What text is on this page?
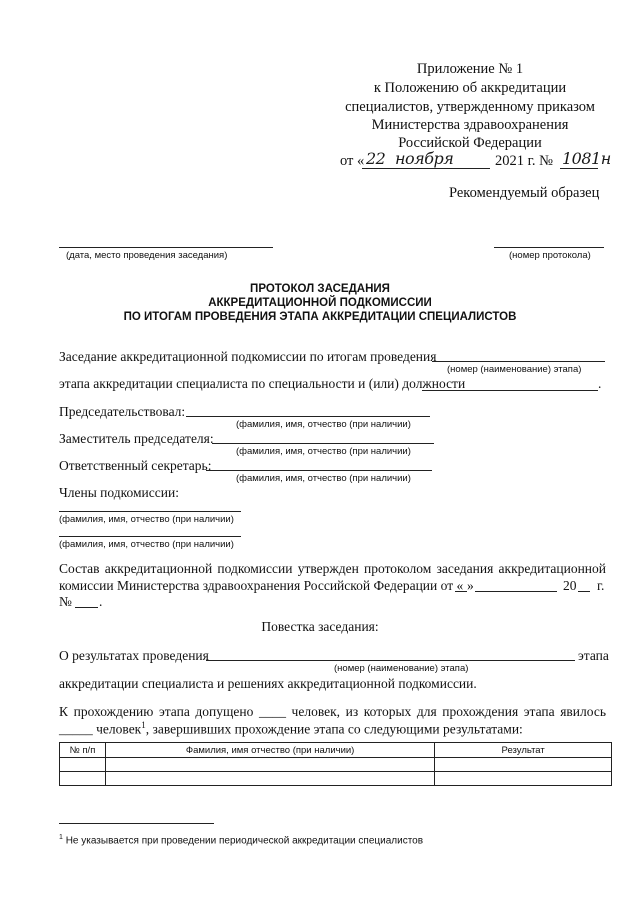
Приложение № 1
к Положению об аккредитации
специалистов, утвержденному приказом
Министерства здравоохранения
Российской Федерации
от « 22 ноября	2021 г. № 1081н
Рекомендуемый образец
(дата, место проведения заседания)	(номер протокола)
ПРОТОКОЛ ЗАСЕДАНИЯ
АККРЕДИТАЦИОННОЙ ПОДКОМИССИИ
ПО ИТОГАМ ПРОВЕДЕНИЯ ЭТАПА АККРЕДИТАЦИИ СПЕЦИАЛИСТОВ
Заседание аккредитационной подкомиссии по итогам проведения
(номер (наименование) этапа)
этапа аккредитации специалиста по специальности и (или) должности	.
Председательствовал:
(фамилия, имя, отчество (при наличии)
Заместитель председателя:
(фамилия, имя, отчество (при наличии)
Ответственный секретарь:
(фамилия, имя, отчество (при наличии)
Члены подкомиссии:
(фамилия, имя, отчество (при наличии)
(фамилия, имя, отчество (при наличии)
Состав аккредитационной подкомиссии утвержден протоколом заседания аккредитационной
комиссии Министерства здравоохранения Российской Федерации от « »	20 г.
№ .
Повестка заседания:
О результатах проведения	этапа
(номер (наименование) этапа)
аккредитации специалиста и решениях аккредитационной подкомиссии.
К прохождению этапа допущено ____ человек, из которых для прохождения этапа явилось
_____ человек$^1$, завершивших прохождение этапа со следующими результатами:
№ п/п	Фамилия, имя отчество (при наличии)	Результат

$^1$ Не указывается при проведении периодической аккредитации специалистов
